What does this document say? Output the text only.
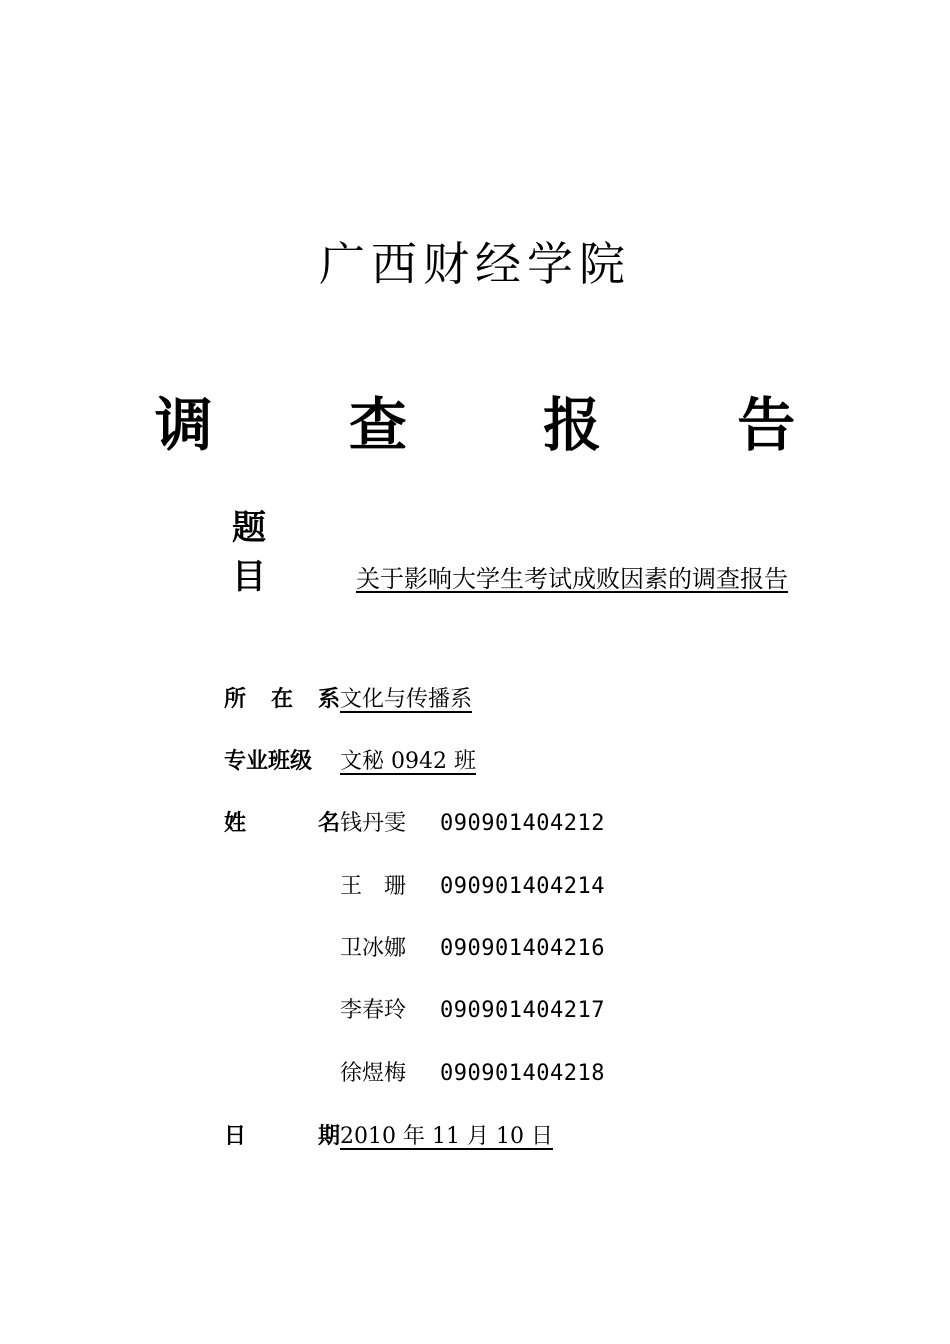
广西财经学院
调 查 报 告
题 目	关于影响大学生考试成败因素的调查报告
所 在 系 文化与传播系
专业班级	文秘 0942 班
姓	名 钱丹雯 090901404212
王　珊 090901404214
卫冰娜 090901404216
李春玲 090901404217
徐煜梅 090901404218
日	期 2010 年 11 月 10 日
